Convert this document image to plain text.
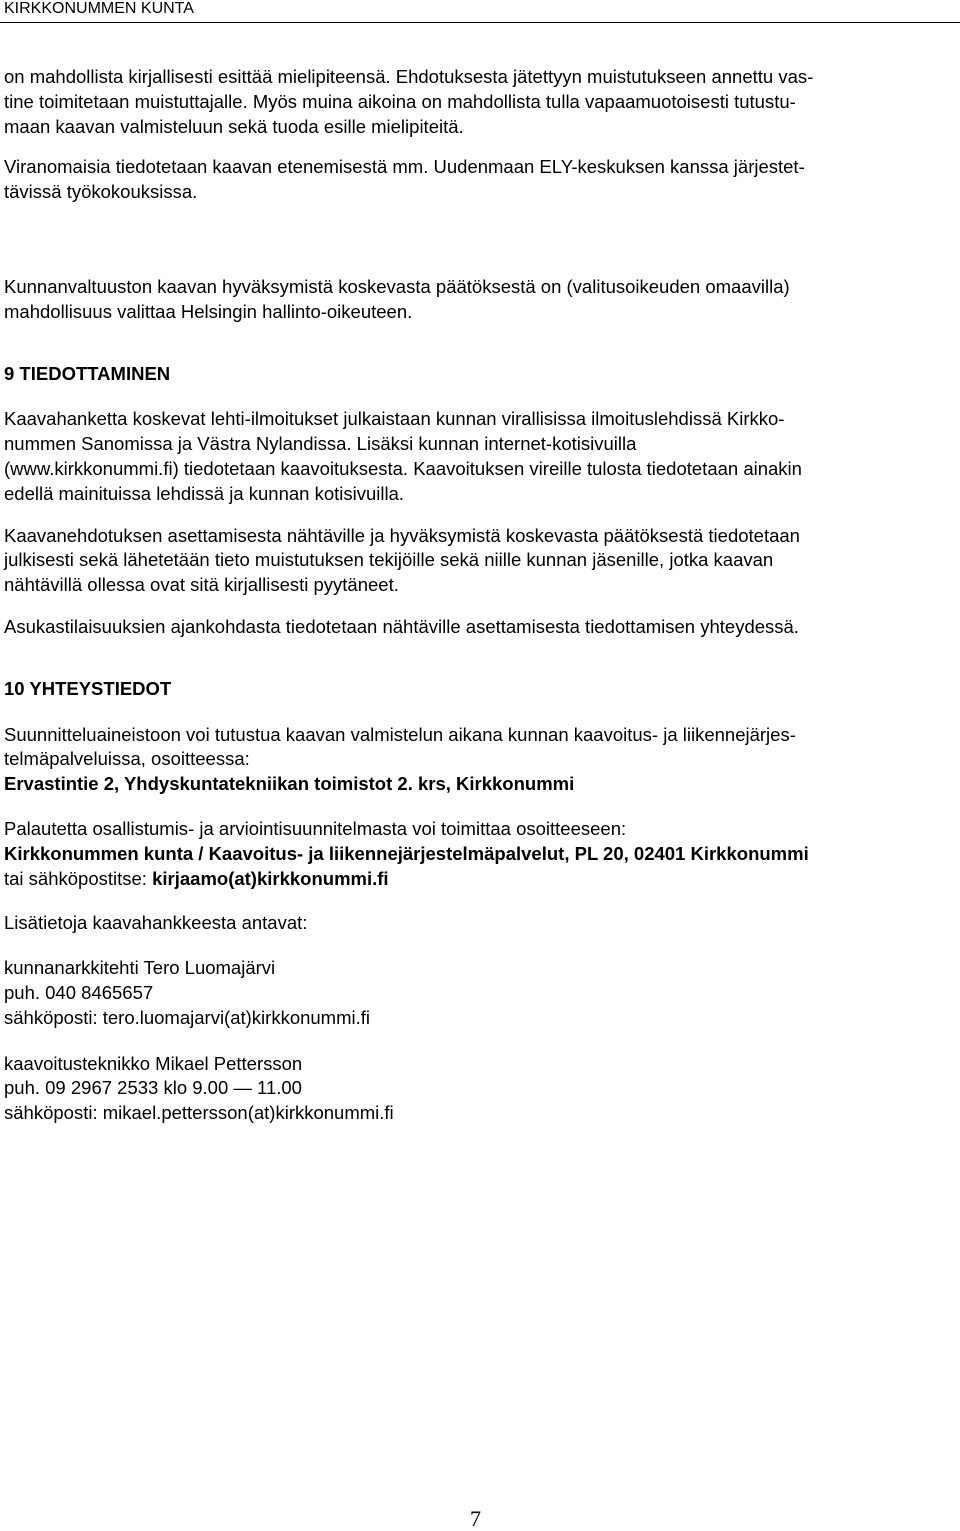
KIRKKONUMMEN KUNTA

on mahdollista kirjallisesti esittää mielipiteensä. Ehdotuksesta jätettyyn muistutukseen annettu vas-
tine toimitetaan muistuttajalle. Myös muina aikoina on mahdollista tulla vapaamuotoisesti tutustu-
maan kaavan valmisteluun sekä tuoda esille mielipiteitä.

Viranomaisia tiedotetaan kaavan etenemisestä mm. Uudenmaan ELY-keskuksen kanssa järjestet-
tävissä työkokouksissa.

Kunnanvaltuuston kaavan hyväksymistä koskevasta päätöksestä on (valitusoikeuden omaavilla)
mahdollisuus valittaa Helsingin hallinto-oikeuteen.

9 TIEDOTTAMINEN

Kaavahanketta koskevat lehti-ilmoitukset julkaistaan kunnan virallisissa ilmoituslehdissä Kirkko-
nummen Sanomissa ja Västra Nylandissa. Lisäksi kunnan internet-kotisivuilla
(www.kirkkonummi.fi) tiedotetaan kaavoituksesta. Kaavoituksen vireille tulosta tiedotetaan ainakin
edellä mainituissa lehdissä ja kunnan kotisivuilla.

Kaavanehdotuksen asettamisesta nähtäville ja hyväksymistä koskevasta päätöksestä tiedotetaan
julkisesti sekä lähetetään tieto muistutuksen tekijöille sekä niille kunnan jäsenille, jotka kaavan
nähtävillä ollessa ovat sitä kirjallisesti pyytäneet.

Asukastilaisuuksien ajankohdasta tiedotetaan nähtäville asettamisesta tiedottamisen yhteydessä.

10 YHTEYSTIEDOT

Suunnitteluaineistoon voi tutustua kaavan valmistelun aikana kunnan kaavoitus- ja liikennejärjes-
telmäpalveluissa, osoitteessa:
Ervastintie 2, Yhdyskuntatekniikan toimistot 2. krs, Kirkkonummi

Palautetta osallistumis- ja arviointisuunnitelmasta voi toimittaa osoitteeseen:
Kirkkonummen kunta / Kaavoitus- ja liikennejärjestelmäpalvelut, PL 20, 02401 Kirkkonummi
tai sähköpostitse: kirjaamo(at)kirkkonummi.fi

Lisätietoja kaavahankkeesta antavat:

kunnanarkkitehti Tero Luomajärvi
puh. 040 8465657
sähköposti: tero.luomajarvi(at)kirkkonummi.fi

kaavoitusteknikko Mikael Pettersson
puh. 09 2967 2533 klo 9.00 — 11.00
sähköposti: mikael.pettersson(at)kirkkonummi.fi

7
